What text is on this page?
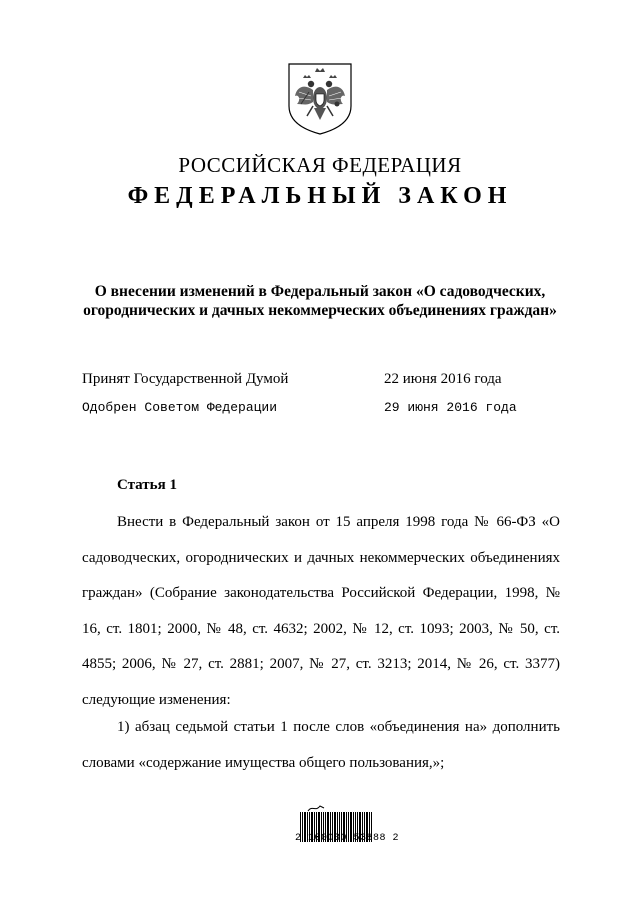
РОССИЙСКАЯ ФЕДЕРАЦИЯ
ФЕДЕРАЛЬНЫЙ ЗАКОН
О внесении изменений в Федеральный закон «О садоводческих, огороднических и дачных некоммерческих объединениях граждан»
Принят Государственной Думой	22 июня 2016 года
Одобрен Советом Федерации	29 июня 2016 года
Статья 1
Внести в Федеральный закон от 15 апреля 1998 года № 66-ФЗ «О садоводческих, огороднических и дачных некоммерческих объединениях граждан» (Собрание законодательства Российской Федерации, 1998, № 16, ст. 1801; 2000, № 48, ст. 4632; 2002, № 12, ст. 1093; 2003, № 50, ст. 4855; 2006, № 27, ст. 2881; 2007, № 27, ст. 3213; 2014, № 26, ст. 3377) следующие изменения:
1) абзац седьмой статьи 1 после слов «объединения на» дополнить словами «содержание имущества общего пользования,»;
2 100030 53888 2
